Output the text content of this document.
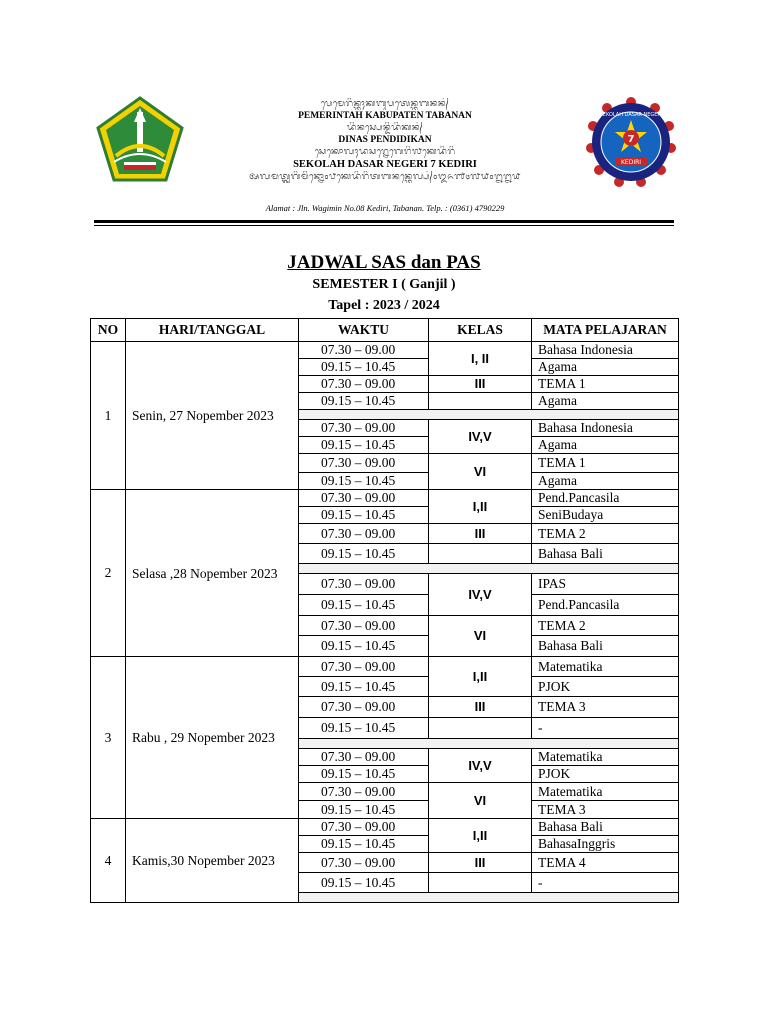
ᬧᬾᬫᬾᬭᬶᬦ᭄ᬢᬄᬓᬩᬸᬧᬢᬾᬦ᭄ᬢᬩᬦᬦ᭄
PEMERINTAH KABUPATEN TABANAN
ᬤᬶᬦᬲ᭄ᬧᬾᬦ᭄ᬤᬶᬤᬶᬓᬦ᭄
DINAS PENDIDIKAN
ᬲᬾᬓᭀᬮᬄᬤᬲᬭ᭄ᬦᬾᬕᬾᬭᬶ᭗ᬓᬾᬤᬶᬭᬶ
SEKOLAH DASAR NEGERI 7 KEDIRI
ᬅᬮᬫᬢ᭄ᬚ᭄ᬮ᭄ᬯᬕᬶᬫᬶᬦ᭄ᬦᭀ᭐᭘ᬓᬾᬤᬶᬭᬶᬢᬩᬦᬦ᭄ᬢᬾᬮ᭄ᬧ᭄᭐᭓᭖᭑᭔᭗᭙᭐᭒᭒᭙
Alamat : Jln. Wagimin No.08 Kediri, Tabanan. Telp. : (0361) 4790229
SEKOLAH DASAR NEGERI
7
KEDIRI
JADWAL SAS dan PAS
SEMESTER I ( Ganjil )
Tapel : 2023 / 2024
NO	HARI/TANGGAL	WAKTU	KELAS	MATA PELAJARAN
1	Senin, 27 Nopember 2023	07.30 – 09.00	I, II	Bahasa Indonesia
		09.15 – 10.45		Agama
		07.30 – 09.00	III	TEMA 1
		09.15 – 10.45		Agama

		07.30 – 09.00	IV,V	Bahasa Indonesia
		09.15 – 10.45		Agama
		07.30 – 09.00	VI	TEMA 1
		09.15 – 10.45		Agama
2	Selasa ,28 Nopember 2023	07.30 – 09.00	I,II	Pend.Pancasila
		09.15 – 10.45		SeniBudaya
		07.30 – 09.00	III	TEMA 2
		09.15 – 10.45		Bahasa Bali

		07.30 – 09.00	IV,V	IPAS
		09.15 – 10.45		Pend.Pancasila
		07.30 – 09.00	VI	TEMA 2
		09.15 – 10.45		Bahasa Bali
3	Rabu , 29 Nopember 2023	07.30 – 09.00	I,II	Matematika
		09.15 – 10.45		PJOK
		07.30 – 09.00	III	TEMA 3
		09.15 – 10.45		-

		07.30 – 09.00	IV,V	Matematika
		09.15 – 10.45		PJOK
		07.30 – 09.00	VI	Matematika
		09.15 – 10.45		TEMA 3
4	Kamis,30 Nopember 2023	07.30 – 09.00	I,II	Bahasa Bali
		09.15 – 10.45		BahasaInggris
		07.30 – 09.00	III	TEMA 4
		09.15 – 10.45		-
